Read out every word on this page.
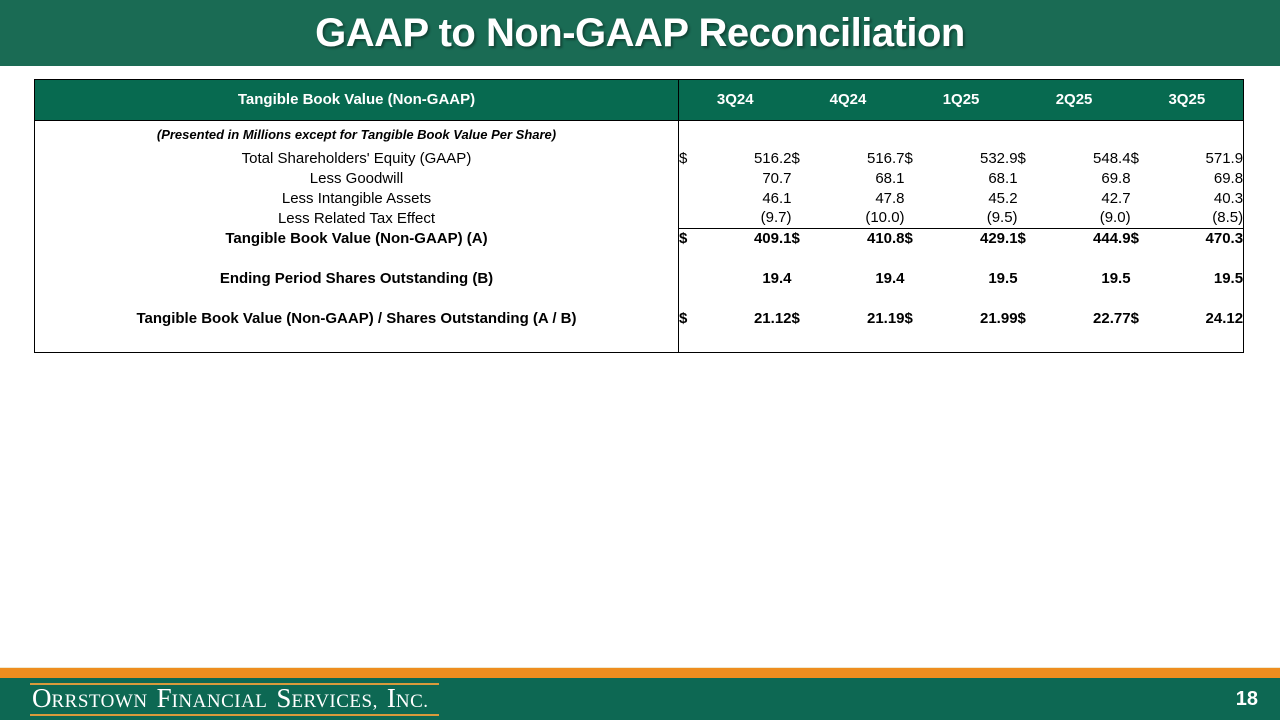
GAAP to Non-GAAP Reconciliation
Tangible Book Value (Non-GAAP)	3Q24		4Q24		1Q25		2Q25		3Q25	
(Presented in Millions except for Tangible Book Value Per Share)										
Total Shareholders' Equity (GAAP)	$	516.2	$	516.7	$	532.9	$	548.4	$	571.9
Less Goodwill		70.7		68.1		68.1		69.8		69.8
Less Intangible Assets		46.1		47.8		45.2		42.7		40.3
Less Related Tax Effect		(9.7)		(10.0)		(9.5)		(9.0)		(8.5)
Tangible Book Value (Non-GAAP) (A)	$	409.1	$	410.8	$	429.1	$	444.9	$	470.3

Ending Period Shares Outstanding (B)		19.4		19.4		19.5		19.5		19.5

Tangible Book Value (Non-GAAP) / Shares Outstanding (A / B)	$	21.12	$	21.19	$	21.99	$	22.77	$	24.12

O RRSTOWN F INANCIAL S ERVICES, I NC.	18
